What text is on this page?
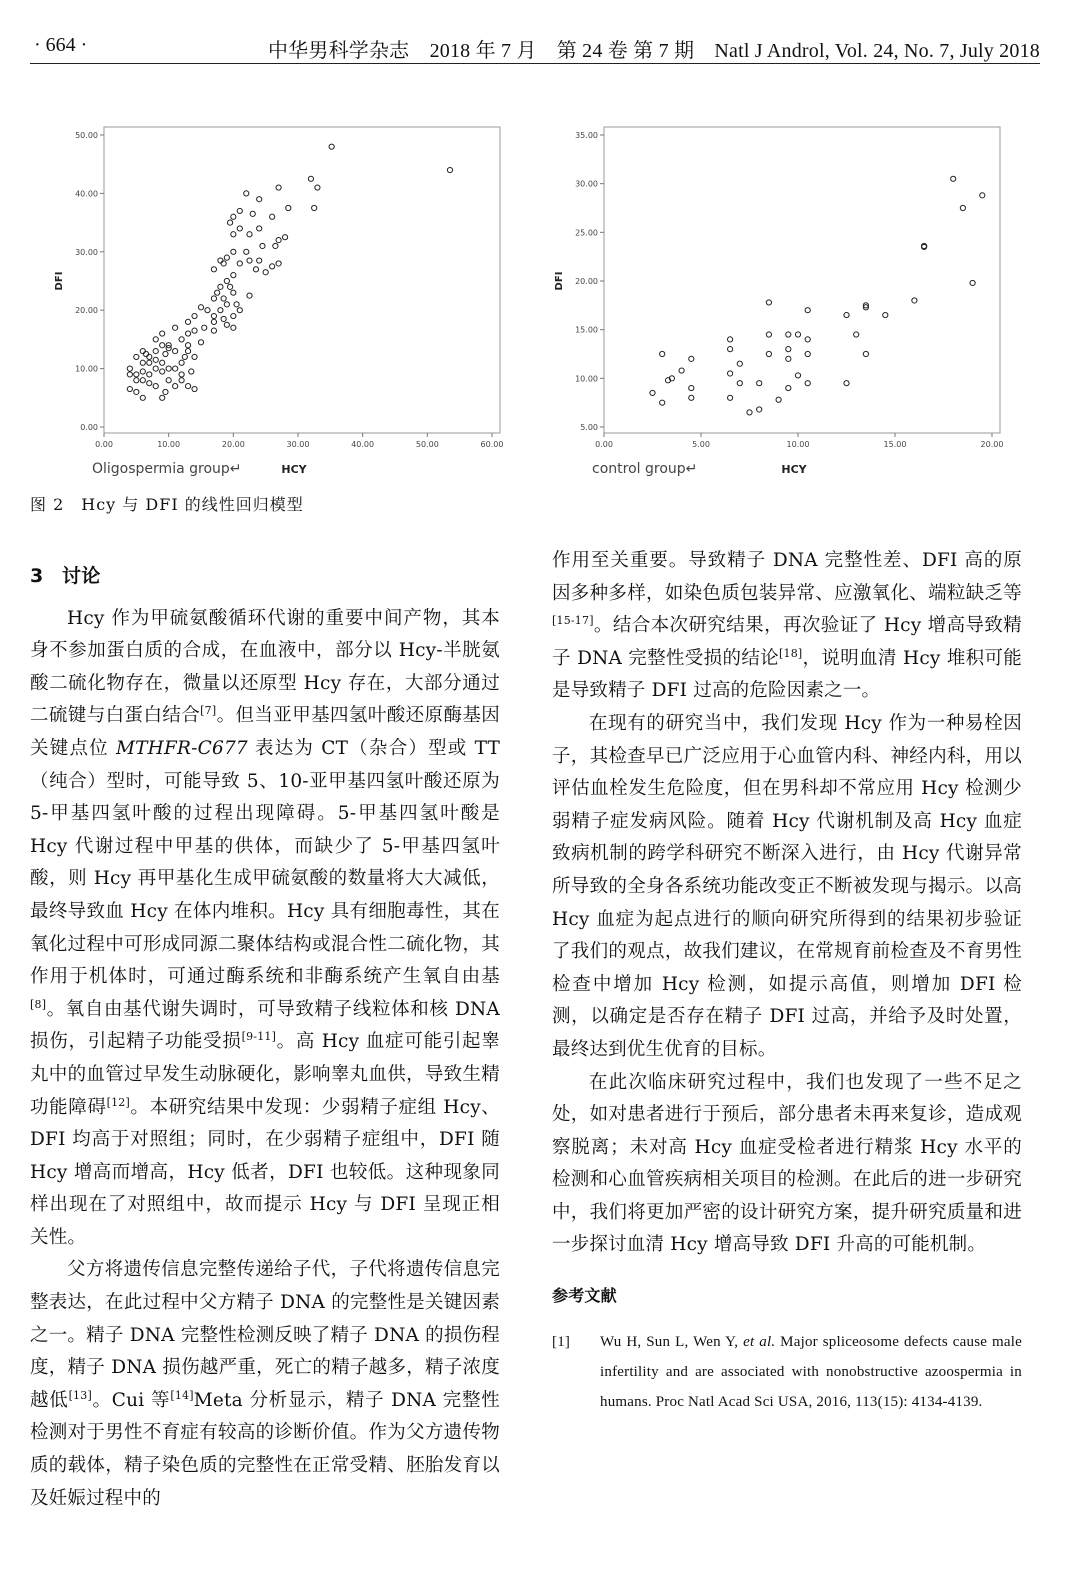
· 664 ·	中华男科学杂志　2018 年 7 月　第 24 卷 第 7 期　Natl J Androl, Vol. 24, No. 7, July 2018
0.00
10.00
20.00
30.00
40.00
50.00
0.00	10.00	20.00	30.00	40.00	50.00	60.00
DFI
Oligospermia group↵	HCY
5.00
10.00
15.00
20.00
25.00
30.00
35.00
0.00	5.00	10.00	15.00	20.00
DFI
control group↵	HCY
图 2　Hcy 与 DFI 的线性回归模型
3 讨论

Hcy 作为甲硫氨酸循环代谢的重要中间产物，其本身不参加蛋白质的合成，在血液中，部分以 Hcy-半胱氨酸二硫化物存在，微量以还原型 Hcy 存在，大部分通过二硫键与白蛋白结合[7]。但当亚甲基四氢叶酸还原酶基因关键点位 MTHFR-C677 表达为 CT（杂合）型或 TT（纯合）型时，可能导致 5、10-亚甲基四氢叶酸还原为 5-甲基四氢叶酸的过程出现障碍。5-甲基四氢叶酸是 Hcy 代谢过程中甲基的供体，而缺少了 5-甲基四氢叶酸，则 Hcy 再甲基化生成甲硫氨酸的数量将大大减低，最终导致血 Hcy 在体内堆积。Hcy 具有细胞毒性，其在氧化过程中可形成同源二聚体结构或混合性二硫化物，其作用于机体时，可通过酶系统和非酶系统产生氧自由基[8]。氧自由基代谢失调时，可导致精子线粒体和核 DNA 损伤，引起精子功能受损[9-11]。高 Hcy 血症可能引起睾丸中的血管过早发生动脉硬化，影响睾丸血供，导致生精功能障碍[12]。本研究结果中发现：少弱精子症组 Hcy、DFI 均高于对照组；同时，在少弱精子症组中，DFI 随 Hcy 增高而增高，Hcy 低者，DFI 也较低。这种现象同样出现在了对照组中，故而提示 Hcy 与 DFI 呈现正相关性。

父方将遗传信息完整传递给子代，子代将遗传信息完整表达，在此过程中父方精子 DNA 的完整性是关键因素之一。精子 DNA 完整性检测反映了精子 DNA 的损伤程度，精子 DNA 损伤越严重，死亡的精子越多，精子浓度越低[13]。Cui 等[14]Meta 分析显示，精子 DNA 完整性检测对于男性不育症有较高的诊断价值。作为父方遗传物质的载体，精子染色质的完整性在正常受精、胚胎发育以及妊娠过程中的

作用至关重要。导致精子 DNA 完整性差、DFI 高的原因多种多样，如染色质包装异常、应激氧化、端粒缺乏等[15-17]。结合本次研究结果，再次验证了 Hcy 增高导致精子 DNA 完整性受损的结论[18]，说明血清 Hcy 堆积可能是导致精子 DFI 过高的危险因素之一。

在现有的研究当中，我们发现 Hcy 作为一种易栓因子，其检查早已广泛应用于心血管内科、神经内科，用以评估血栓发生危险度，但在男科却不常应用 Hcy 检测少弱精子症发病风险。随着 Hcy 代谢机制及高 Hcy 血症致病机制的跨学科研究不断深入进行，由 Hcy 代谢异常所导致的全身各系统功能改变正不断被发现与揭示。以高 Hcy 血症为起点进行的顺向研究所得到的结果初步验证了我们的观点，故我们建议，在常规育前检查及不育男性检查中增加 Hcy 检测，如提示高值，则增加 DFI 检测，以确定是否存在精子 DFI 过高，并给予及时处置，最终达到优生优育的目标。

在此次临床研究过程中，我们也发现了一些不足之处，如对患者进行于预后，部分患者未再来复诊，造成观察脱离；未对高 Hcy 血症受检者进行精浆 Hcy 水平的检测和心血管疾病相关项目的检测。在此后的进一步研究中，我们将更加严密的设计研究方案，提升研究质量和进一步探讨血清 Hcy 增高导致 DFI 升高的可能机制。

参考文献
[1]	Wu H, Sun L, Wen Y, et al. Major spliceosome defects cause male infertility and are associated with nonobstructive azoospermia in humans. Proc Natl Acad Sci USA, 2016, 113(15): 4134-4139.
